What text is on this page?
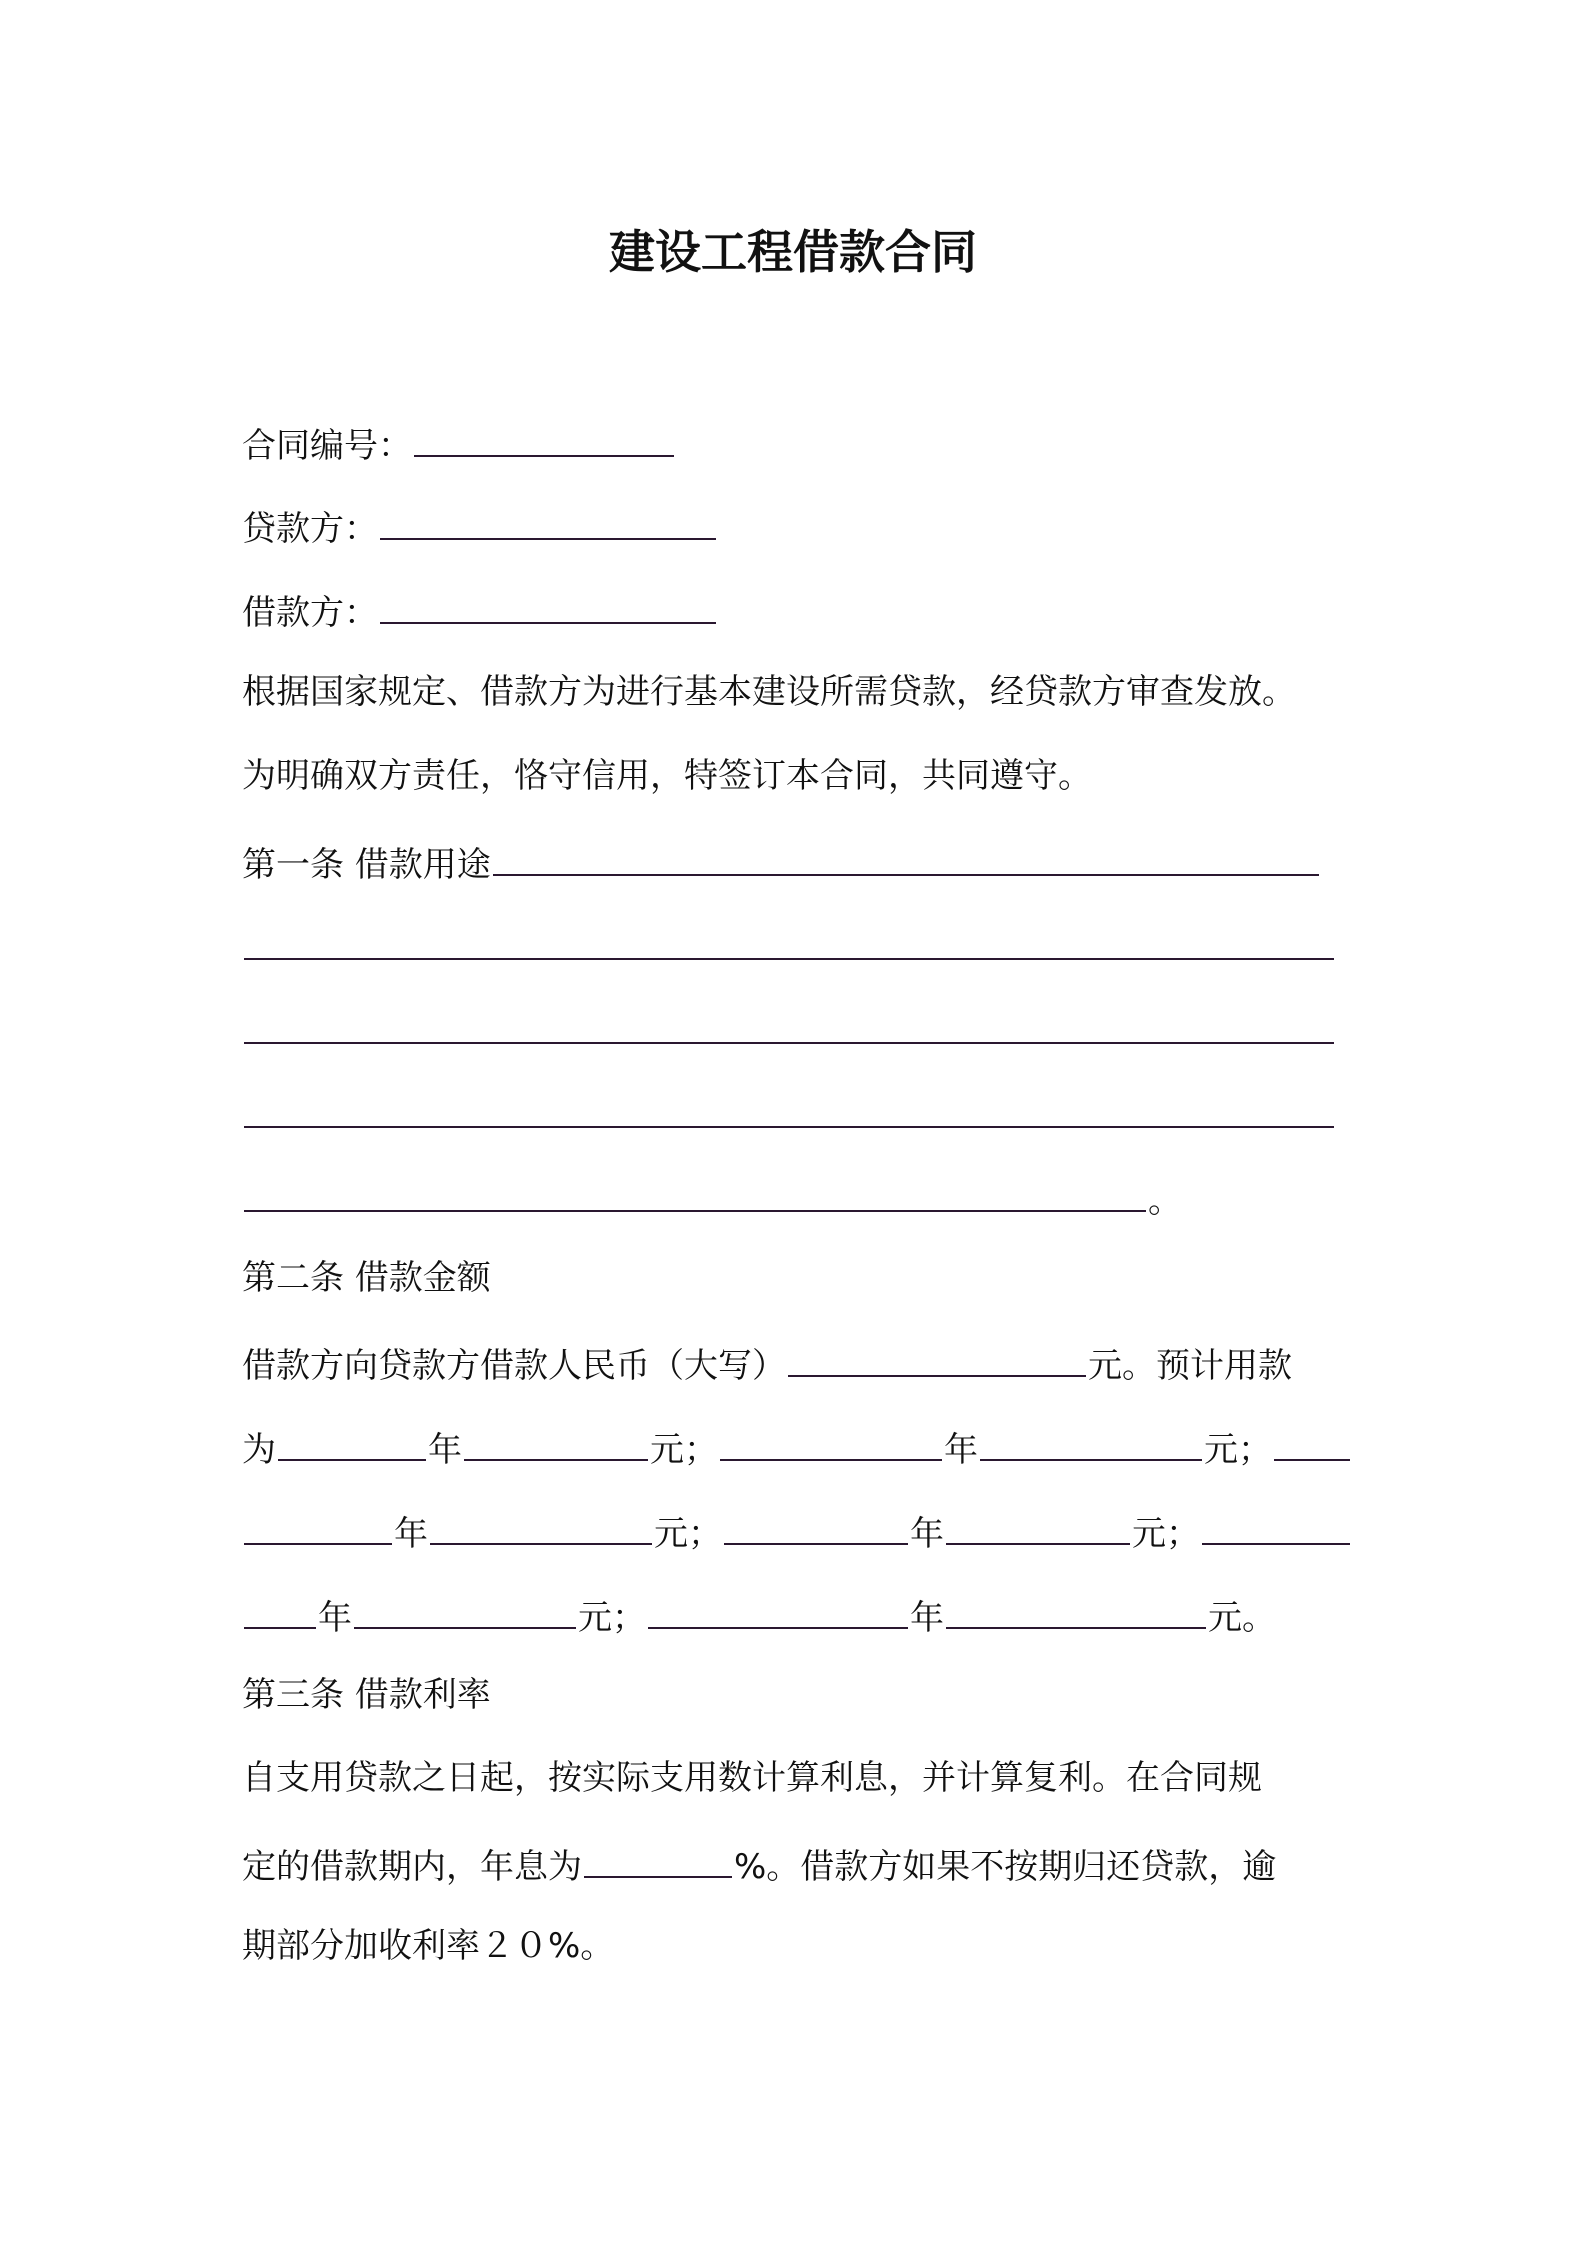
建设工程借款合同

合同编号：

贷款方：

借款方：

根据国家规定、借款方为进行基本建设所需贷款，经贷款方审查发放。

为明确双方责任，恪守信用，特签订本合同，共同遵守。

第一条 借款用途

。

第二条 借款金额

借款方向贷款方借款人民币（大写）	元。预计用款

为	年	元；	年	元；

年	元；	年	元；

年	元；	年	元。

第三条 借款利率

自支用贷款之日起，按实际支用数计算利息，并计算复利。在合同规

定的借款期内，年息为	%。借款方如果不按期归还贷款，逾

期部分加收利率２０%。
